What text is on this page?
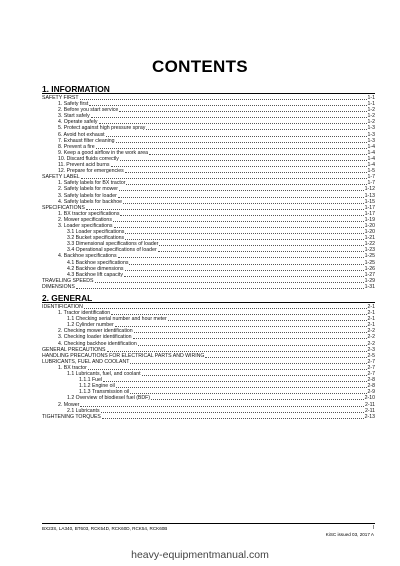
CONTENTS
1. INFORMATION
SAFETY FIRST	1-1
1. Safety first	1-1
2. Before you start service	1-2
3. Start safely	1-2
4. Operate safely	1-2
5. Protect against high pressure spray	1-3
6. Avoid hot exhaust	1-3
7. Exhaust filter cleaning	1-3
8. Prevent a fire	1-4
9. Keep a good airflow in the work area	1-4
10. Discard fluids correctly	1-4
11. Prevent acid burns	1-4
12. Prepare for emergencies	1-5
SAFETY LABEL	1-7
1. Safety labels for BX tractor	1-7
2. Safety labels for mower	1-12
3. Safety labels for loader	1-13
4. Safety labels for backhoe	1-15
SPECIFICATIONS	1-17
1. BX tractor specifications	1-17
2. Mower specifications	1-19
3. Loader specifications	1-20
3.1 Loader specifications	1-20
3.2 Bucket specifications	1-21
3.3 Dimensional specifications of loader	1-22
3.4 Operational specifications of loader	1-23
4. Backhoe specifications	1-25
4.1 Backhoe specifications	1-25
4.2 Backhoe dimensions	1-26
4.3 Backhoe lift capacity	1-27
TRAVELING SPEEDS	1-29
DIMENSIONS	1-31
2. GENERAL
IDENTIFICATION	2-1
1. Tractor identification	2-1
1.1 Checking serial number and hour meter	2-1
1.2 Cylinder number	2-1
2. Checking mower identification	2-2
3. Checking loader identification	2-2
4. Checking backhoe identification	2-2
GENERAL PRECAUTIONS	2-3
HANDLING PRECAUTIONS FOR ELECTRICAL PARTS AND WIRING	2-5
LUBRICANTS, FUEL AND COOLANT	2-7
1. BX tractor	2-7
1.1 Lubricants, fuel, and coolant	2-7
1.1.1 Fuel	2-8
1.1.2 Engine oil	2-8
1.1.3 Transmission oil	2-9
1.2 Overview of biodiesel fuel (BDF)	2-10
2. Mower	2-11
2.1 Lubricants	2-11
TIGHTENING TORQUES	2-13
BX23S, LA340, BT603, RCK54D, RCK60D, RCK54, RCK60B	I
KiSC issued 03, 2017 A
heavy-equipmentmanual.com
